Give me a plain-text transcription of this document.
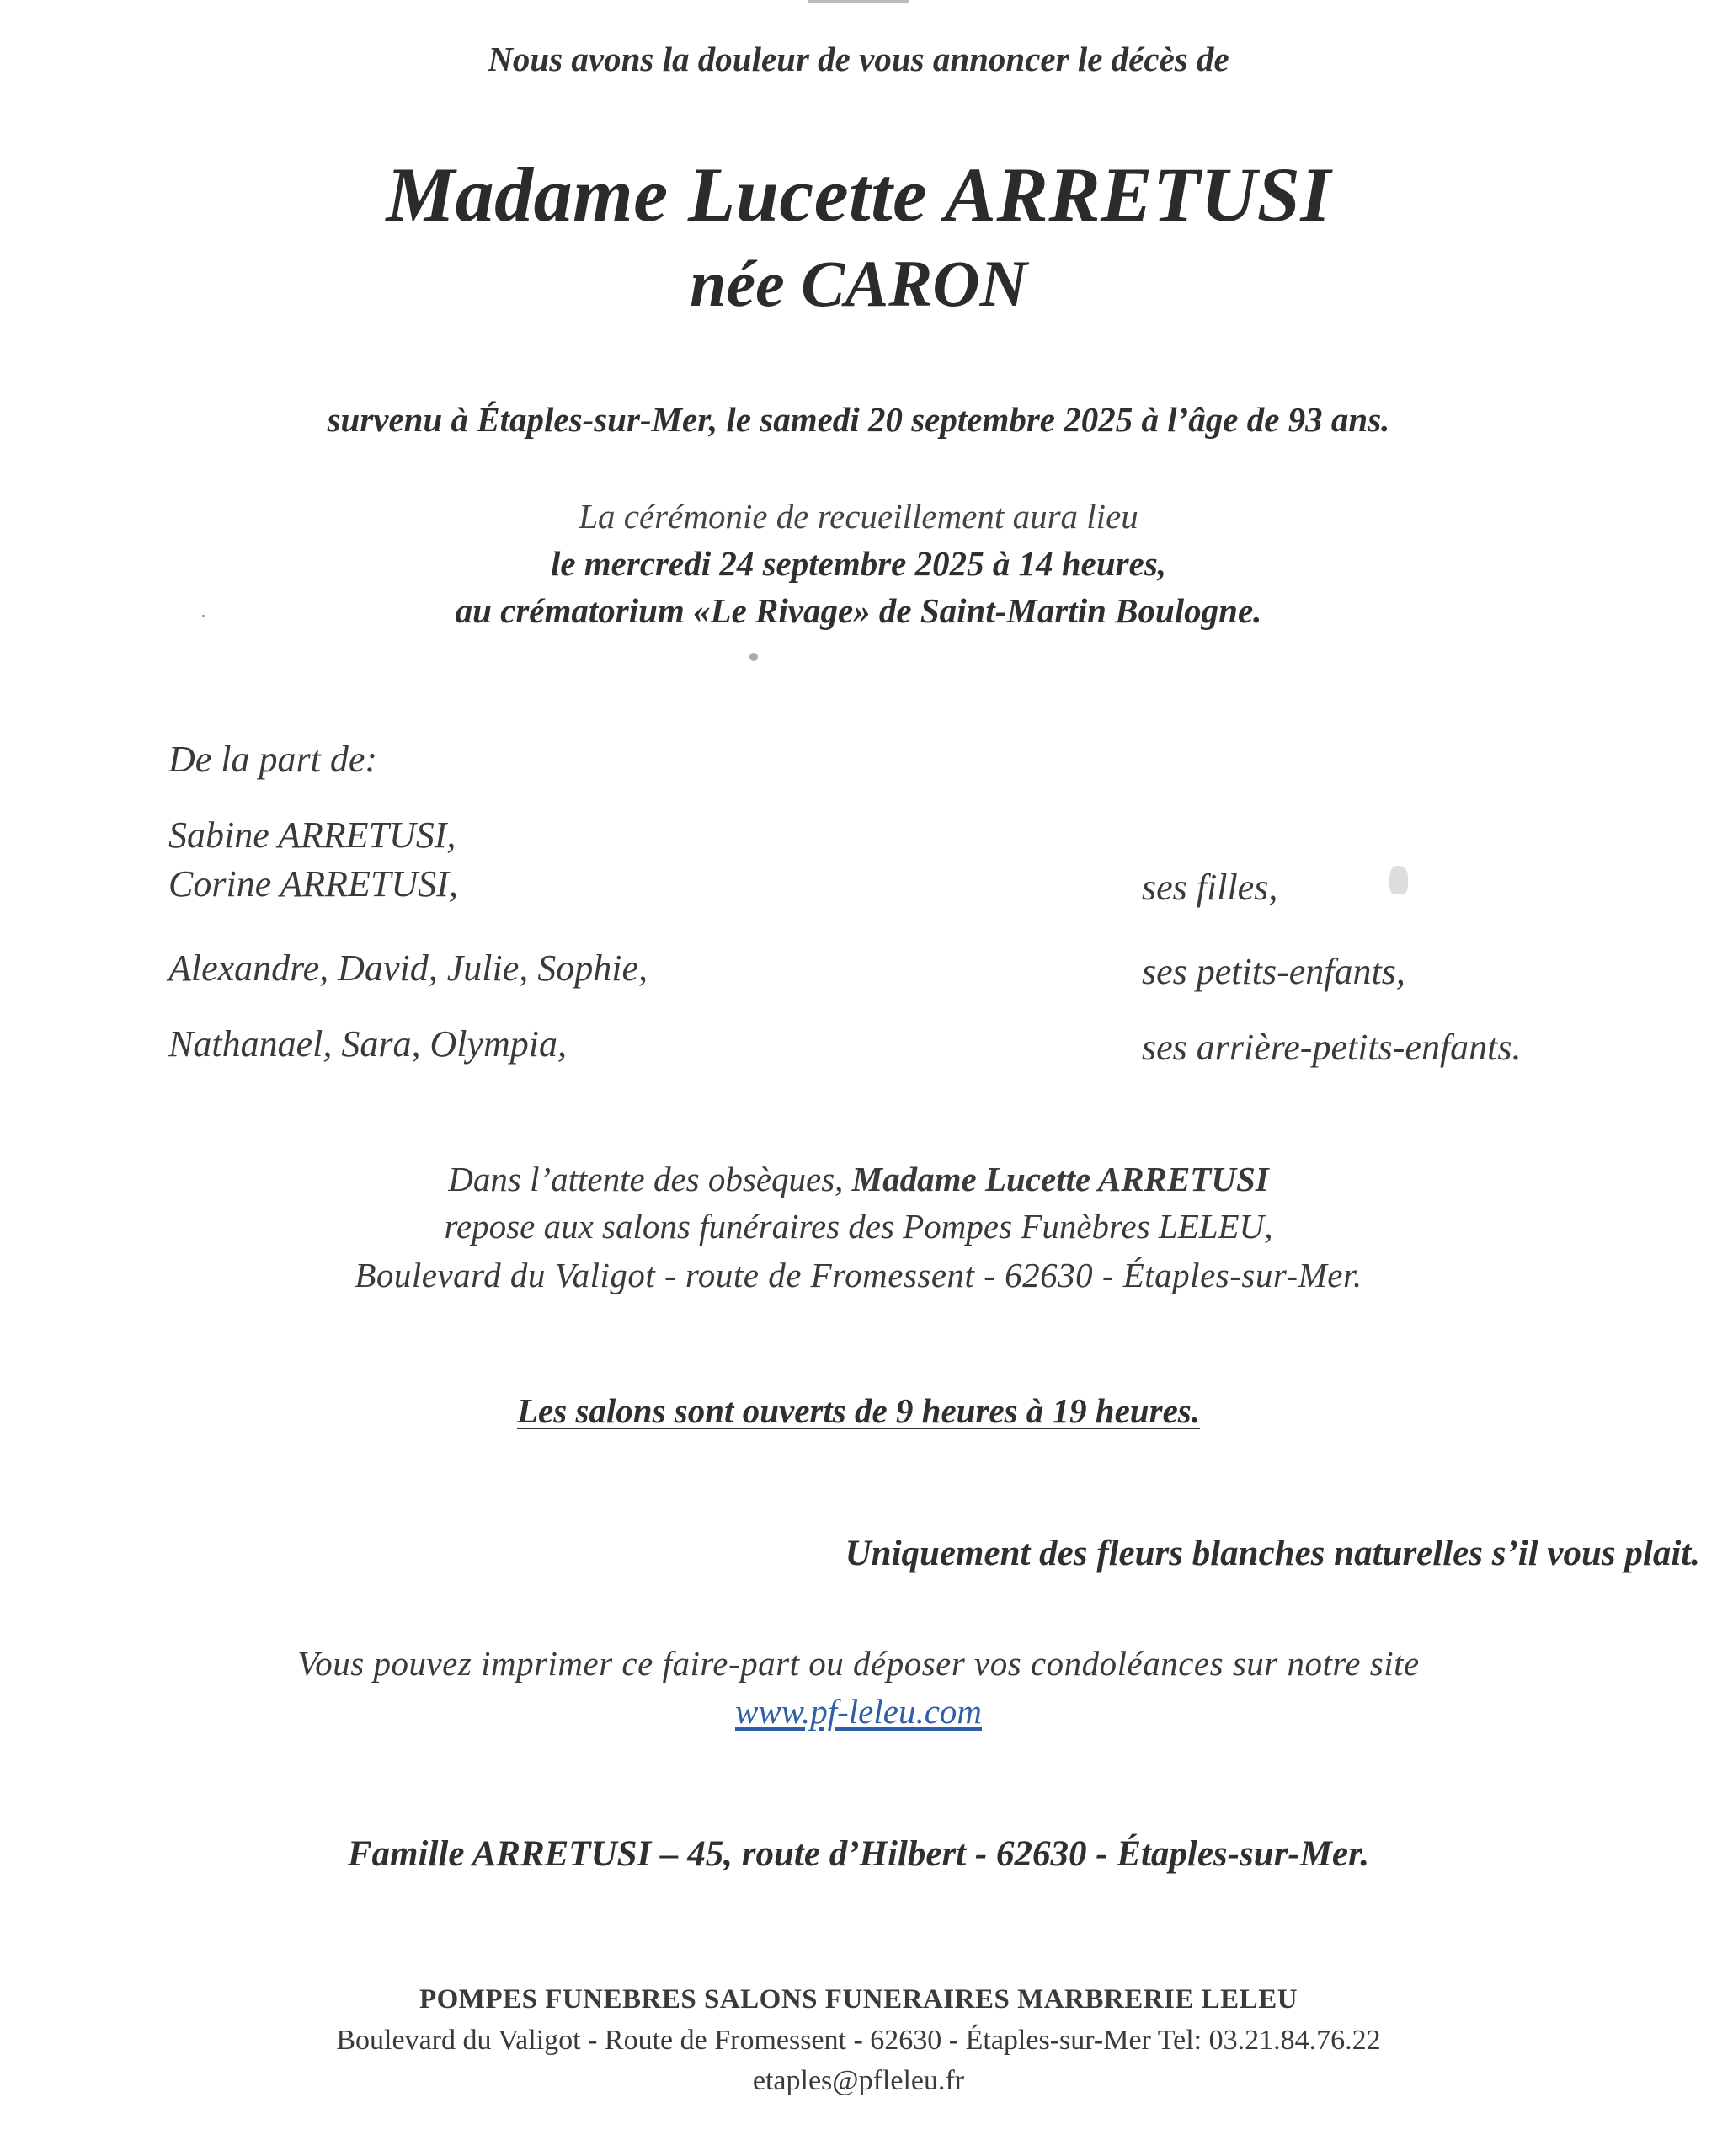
Nous avons la douleur de vous annoncer le décès de
Madame Lucette ARRETUSI
née CARON
survenu à Étaples-sur-Mer, le samedi 20 septembre 2025 à l’âge de 93 ans.
La cérémonie de recueillement aura lieu
le mercredi 24 septembre 2025 à 14 heures,
au crématorium «Le Rivage» de Saint-Martin Boulogne.
De la part de:
Sabine ARRETUSI,
Corine ARRETUSI,	ses filles,
Alexandre, David, Julie, Sophie,	ses petits-enfants,
Nathanael, Sara, Olympia,	ses arrière-petits-enfants.
Dans l’attente des obsèques, Madame Lucette ARRETUSI
repose aux salons funéraires des Pompes Funèbres LELEU,
Boulevard du Valigot - route de Fromessent - 62630 - Étaples-sur-Mer.
Les salons sont ouverts de 9 heures à 19 heures.
Uniquement des fleurs blanches naturelles s’il vous plait.
Vous pouvez imprimer ce faire-part ou déposer vos condoléances sur notre site
www.pf-leleu.com
Famille ARRETUSI – 45, route d’Hilbert - 62630 - Étaples-sur-Mer.
POMPES FUNEBRES SALONS FUNERAIRES MARBRERIE LELEU
Boulevard du Valigot - Route de Fromessent - 62630 - Étaples-sur-Mer Tel: 03.21.84.76.22
etaples@pfleleu.fr
